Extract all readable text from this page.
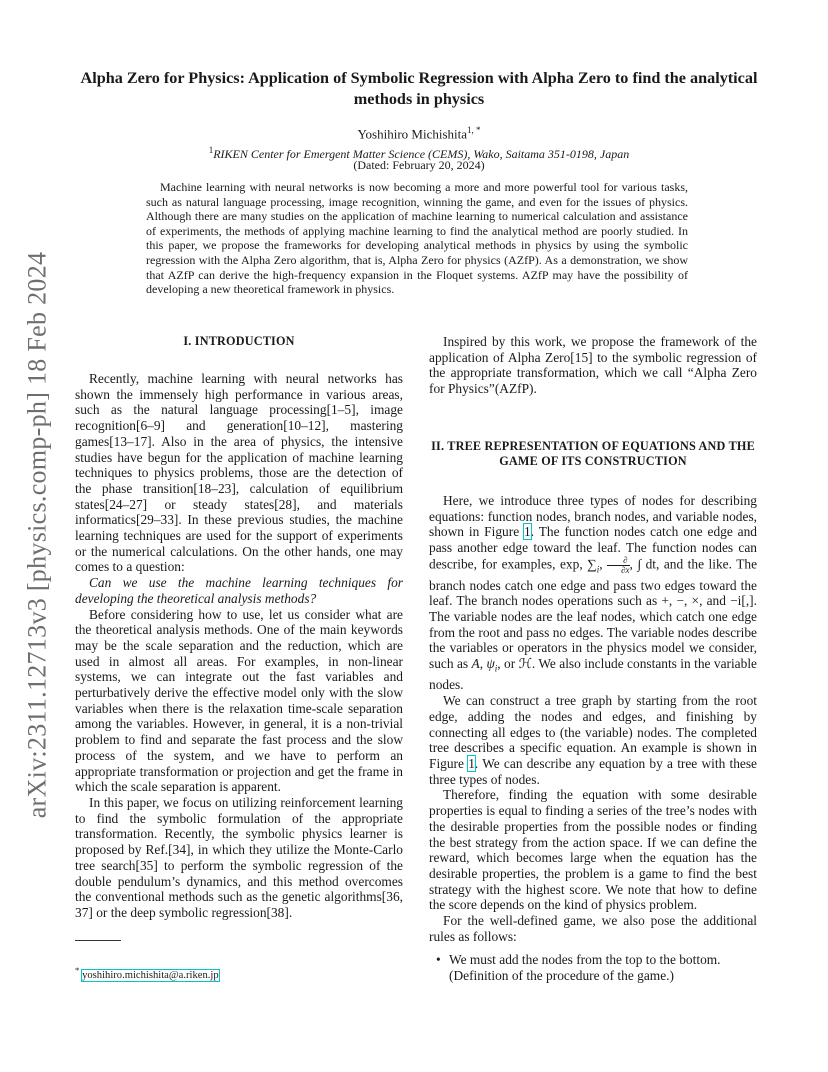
arXiv:2311.12713v3 [physics.comp-ph] 18 Feb 2024
Alpha Zero for Physics: Application of Symbolic Regression with Alpha Zero to find the analytical methods in physics
Yoshihiro Michishita$^{1, *}$
$^1$RIKEN Center for Emergent Matter Science (CEMS), Wako, Saitama 351-0198, Japan
(Dated: February 20, 2024)

Machine learning with neural networks is now becoming a more and more powerful tool for various tasks, such as natural language processing, image recognition, winning the game, and even for the issues of physics. Although there are many studies on the application of machine learning to numerical calculation and assistance of experiments, the methods of applying machine learning to find the analytical method are poorly studied. In this paper, we propose the frameworks for developing analytical methods in physics by using the symbolic regression with the Alpha Zero algorithm, that is, Alpha Zero for physics (AZfP). As a demonstration, we show that AZfP can derive the high-frequency expansion in the Floquet systems. AZfP may have the possibility of developing a new theoretical framework in physics.

I. INTRODUCTION

Recently, machine learning with neural networks has shown the immensely high performance in various areas, such as the natural language processing[1–5], image recognition[6–9] and generation[10–12], mastering games[13–17]. Also in the area of physics, the intensive studies have begun for the application of machine learning techniques to physics problems, those are the detection of the phase transition[18–23], calculation of equilibrium states[24–27] or steady states[28], and materials informatics[29–33]. In these previous studies, the machine learning techniques are used for the support of experiments or the numerical calculations. On the other hands, one may comes to a question:

Can we use the machine learning techniques for developing the theoretical analysis methods?

Before considering how to use, let us consider what are the theoretical analysis methods. One of the main keywords may be the scale separation and the reduction, which are used in almost all areas. For examples, in non-linear systems, we can integrate out the fast variables and perturbatively derive the effective model only with the slow variables when there is the relaxation time-scale separation among the variables. However, in general, it is a non-trivial problem to find and separate the fast process and the slow process of the system, and we have to perform an appropriate transformation or projection and get the frame in which the scale separation is apparent.

In this paper, we focus on utilizing reinforcement learning to find the symbolic formulation of the appropriate transformation. Recently, the symbolic physics learner is proposed by Ref.[34], in which they utilize the Monte-Carlo tree search[35] to perform the symbolic regression of the double pendulum’s dynamics, and this method overcomes the conventional methods such as the genetic algorithms[36, 37] or the deep symbolic regression[38].

Inspired by this work, we propose the framework of the application of Alpha Zero[15] to the symbolic regression of the appropriate transformation, which we call “Alpha Zero for Physics”(AZfP).

II. TREE REPRESENTATION OF EQUATIONS AND THE GAME OF ITS CONSTRUCTION

Here, we introduce three types of nodes for describing equations: function nodes, branch nodes, and variable nodes, shown in Figure 1. The function nodes catch one edge and pass another edge toward the leaf. The function nodes can describe, for examples, exp, $\sum_i$,	∂
∂x , ∫ dt, and the like. The branch nodes catch one edge and pass two edges toward the leaf. The branch nodes operations such as +, −, ×, and −i[,]. The variable nodes are the leaf nodes, which catch one edge from the root and pass no edges. The variable nodes describe the variables or operators in the physics model we consider, such as A, $\psi_i$, or ℋ. We also include constants in the variable nodes.

We can construct a tree graph by starting from the root edge, adding the nodes and edges, and finishing by connecting all edges to (the variable) nodes. The completed tree describes a specific equation. An example is shown in Figure 1. We can describe any equation by a tree with these three types of nodes.

Therefore, finding the equation with some desirable properties is equal to finding a series of the tree’s nodes with the desirable properties from the possible nodes or finding the best strategy from the action space. If we can define the reward, which becomes large when the equation has the desirable properties, the problem is a game to find the best strategy with the highest score. We note that how to define the score depends on the kind of physics problem.

For the well-defined game, we also pose the additional rules as follows:

• We must add the nodes from the top to the bottom. (Definition of the procedure of the game.)
* yoshihiro.michishita@a.riken.jp
